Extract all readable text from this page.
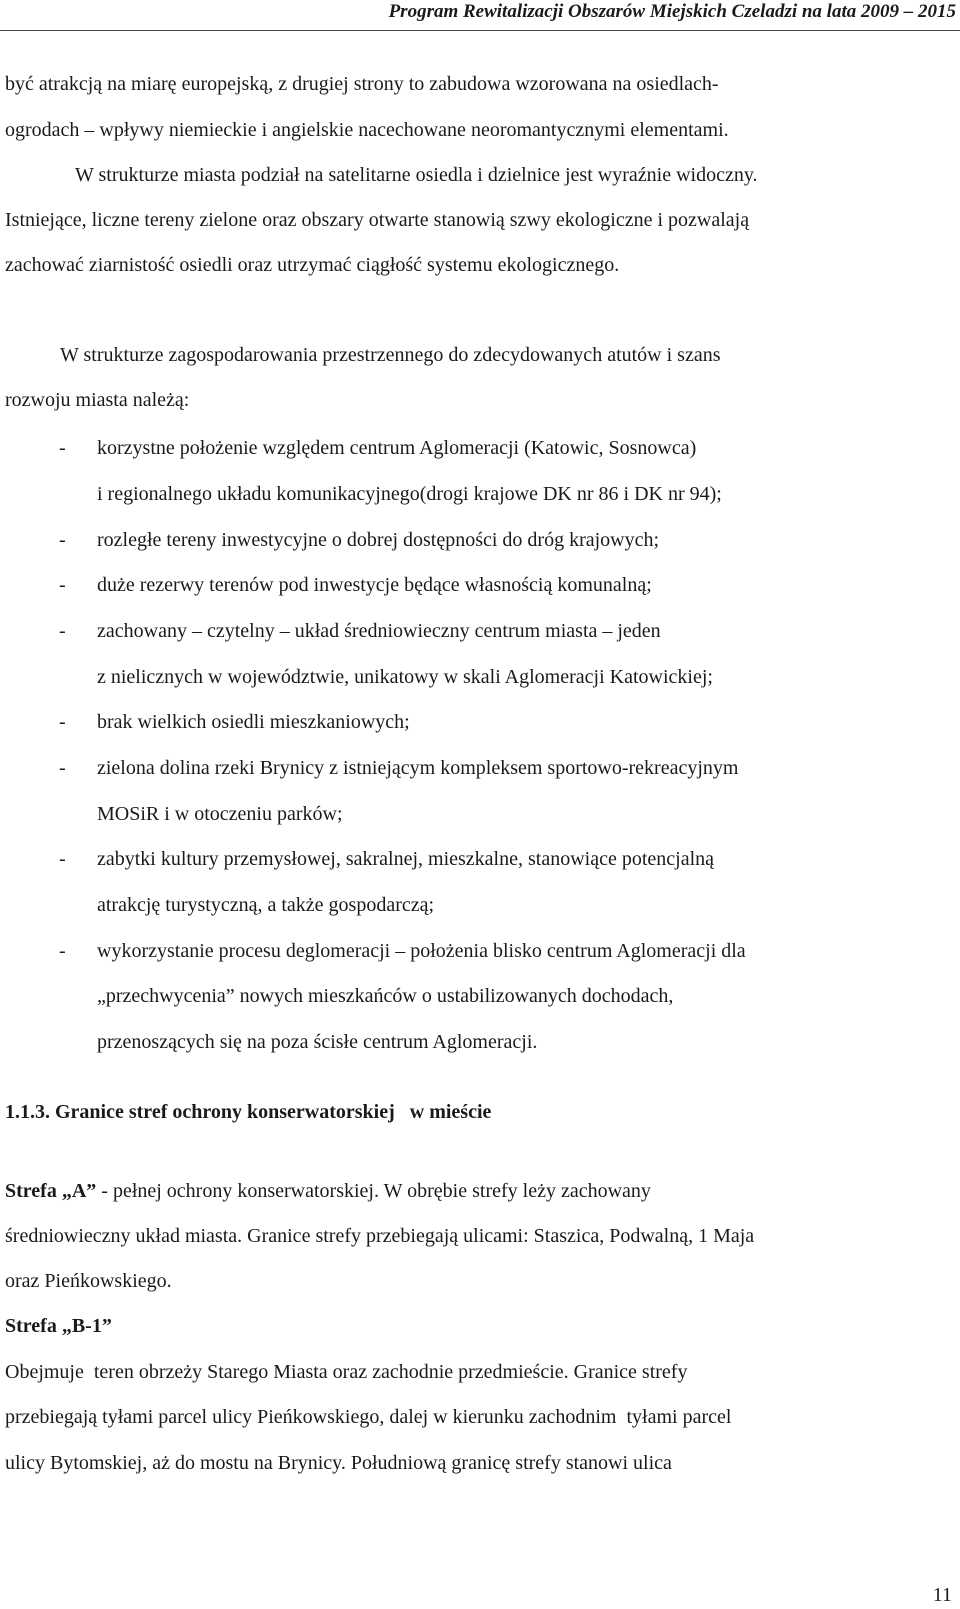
Program Rewitalizacji Obszarów Miejskich Czeladzi na lata 2009 – 2015
być atrakcją na miarę europejską, z drugiej strony to zabudowa wzorowana na osiedlach-
ogrodach – wpływy niemieckie i angielskie nacechowane neoromantycznymi elementami.
W strukturze miasta podział na satelitarne osiedla i dzielnice jest wyraźnie widoczny.
Istniejące, liczne tereny zielone oraz obszary otwarte stanowią szwy ekologiczne i pozwalają
zachować ziarnistość osiedli oraz utrzymać ciągłość systemu ekologicznego.
W strukturze zagospodarowania przestrzennego do zdecydowanych atutów i szans
rozwoju miasta należą:
- korzystne położenie względem centrum Aglomeracji (Katowic, Sosnowca)
i regionalnego układu komunikacyjnego(drogi krajowe DK nr 86 i DK nr 94);
- rozległe tereny inwestycyjne o dobrej dostępności do dróg krajowych;
- duże rezerwy terenów pod inwestycje będące własnością komunalną;
- zachowany – czytelny – układ średniowieczny centrum miasta – jeden
z nielicznych w województwie, unikatowy w skali Aglomeracji Katowickiej;
- brak wielkich osiedli mieszkaniowych;
- zielona dolina rzeki Brynicy z istniejącym kompleksem sportowo-rekreacyjnym
MOSiR i w otoczeniu parków;
- zabytki kultury przemysłowej, sakralnej, mieszkalne, stanowiące potencjalną
atrakcję turystyczną, a także gospodarczą;
- wykorzystanie procesu deglomeracji – położenia blisko centrum Aglomeracji dla
„przechwycenia” nowych mieszkańców o ustabilizowanych dochodach,
przenoszących się na poza ścisłe centrum Aglomeracji.
1.1.3. Granice stref ochrony konserwatorskiej   w mieście
Strefa „A” - pełnej ochrony konserwatorskiej. W obrębie strefy leży zachowany
średniowieczny układ miasta. Granice strefy przebiegają ulicami: Staszica, Podwalną, 1 Maja
oraz Pieńkowskiego.
Strefa „B-1”
Obejmuje  teren obrzeży Starego Miasta oraz zachodnie przedmieście. Granice strefy
przebiegają tyłami parcel ulicy Pieńkowskiego, dalej w kierunku zachodnim  tyłami parcel
ulicy Bytomskiej, aż do mostu na Brynicy. Południową granicę strefy stanowi ulica
11
